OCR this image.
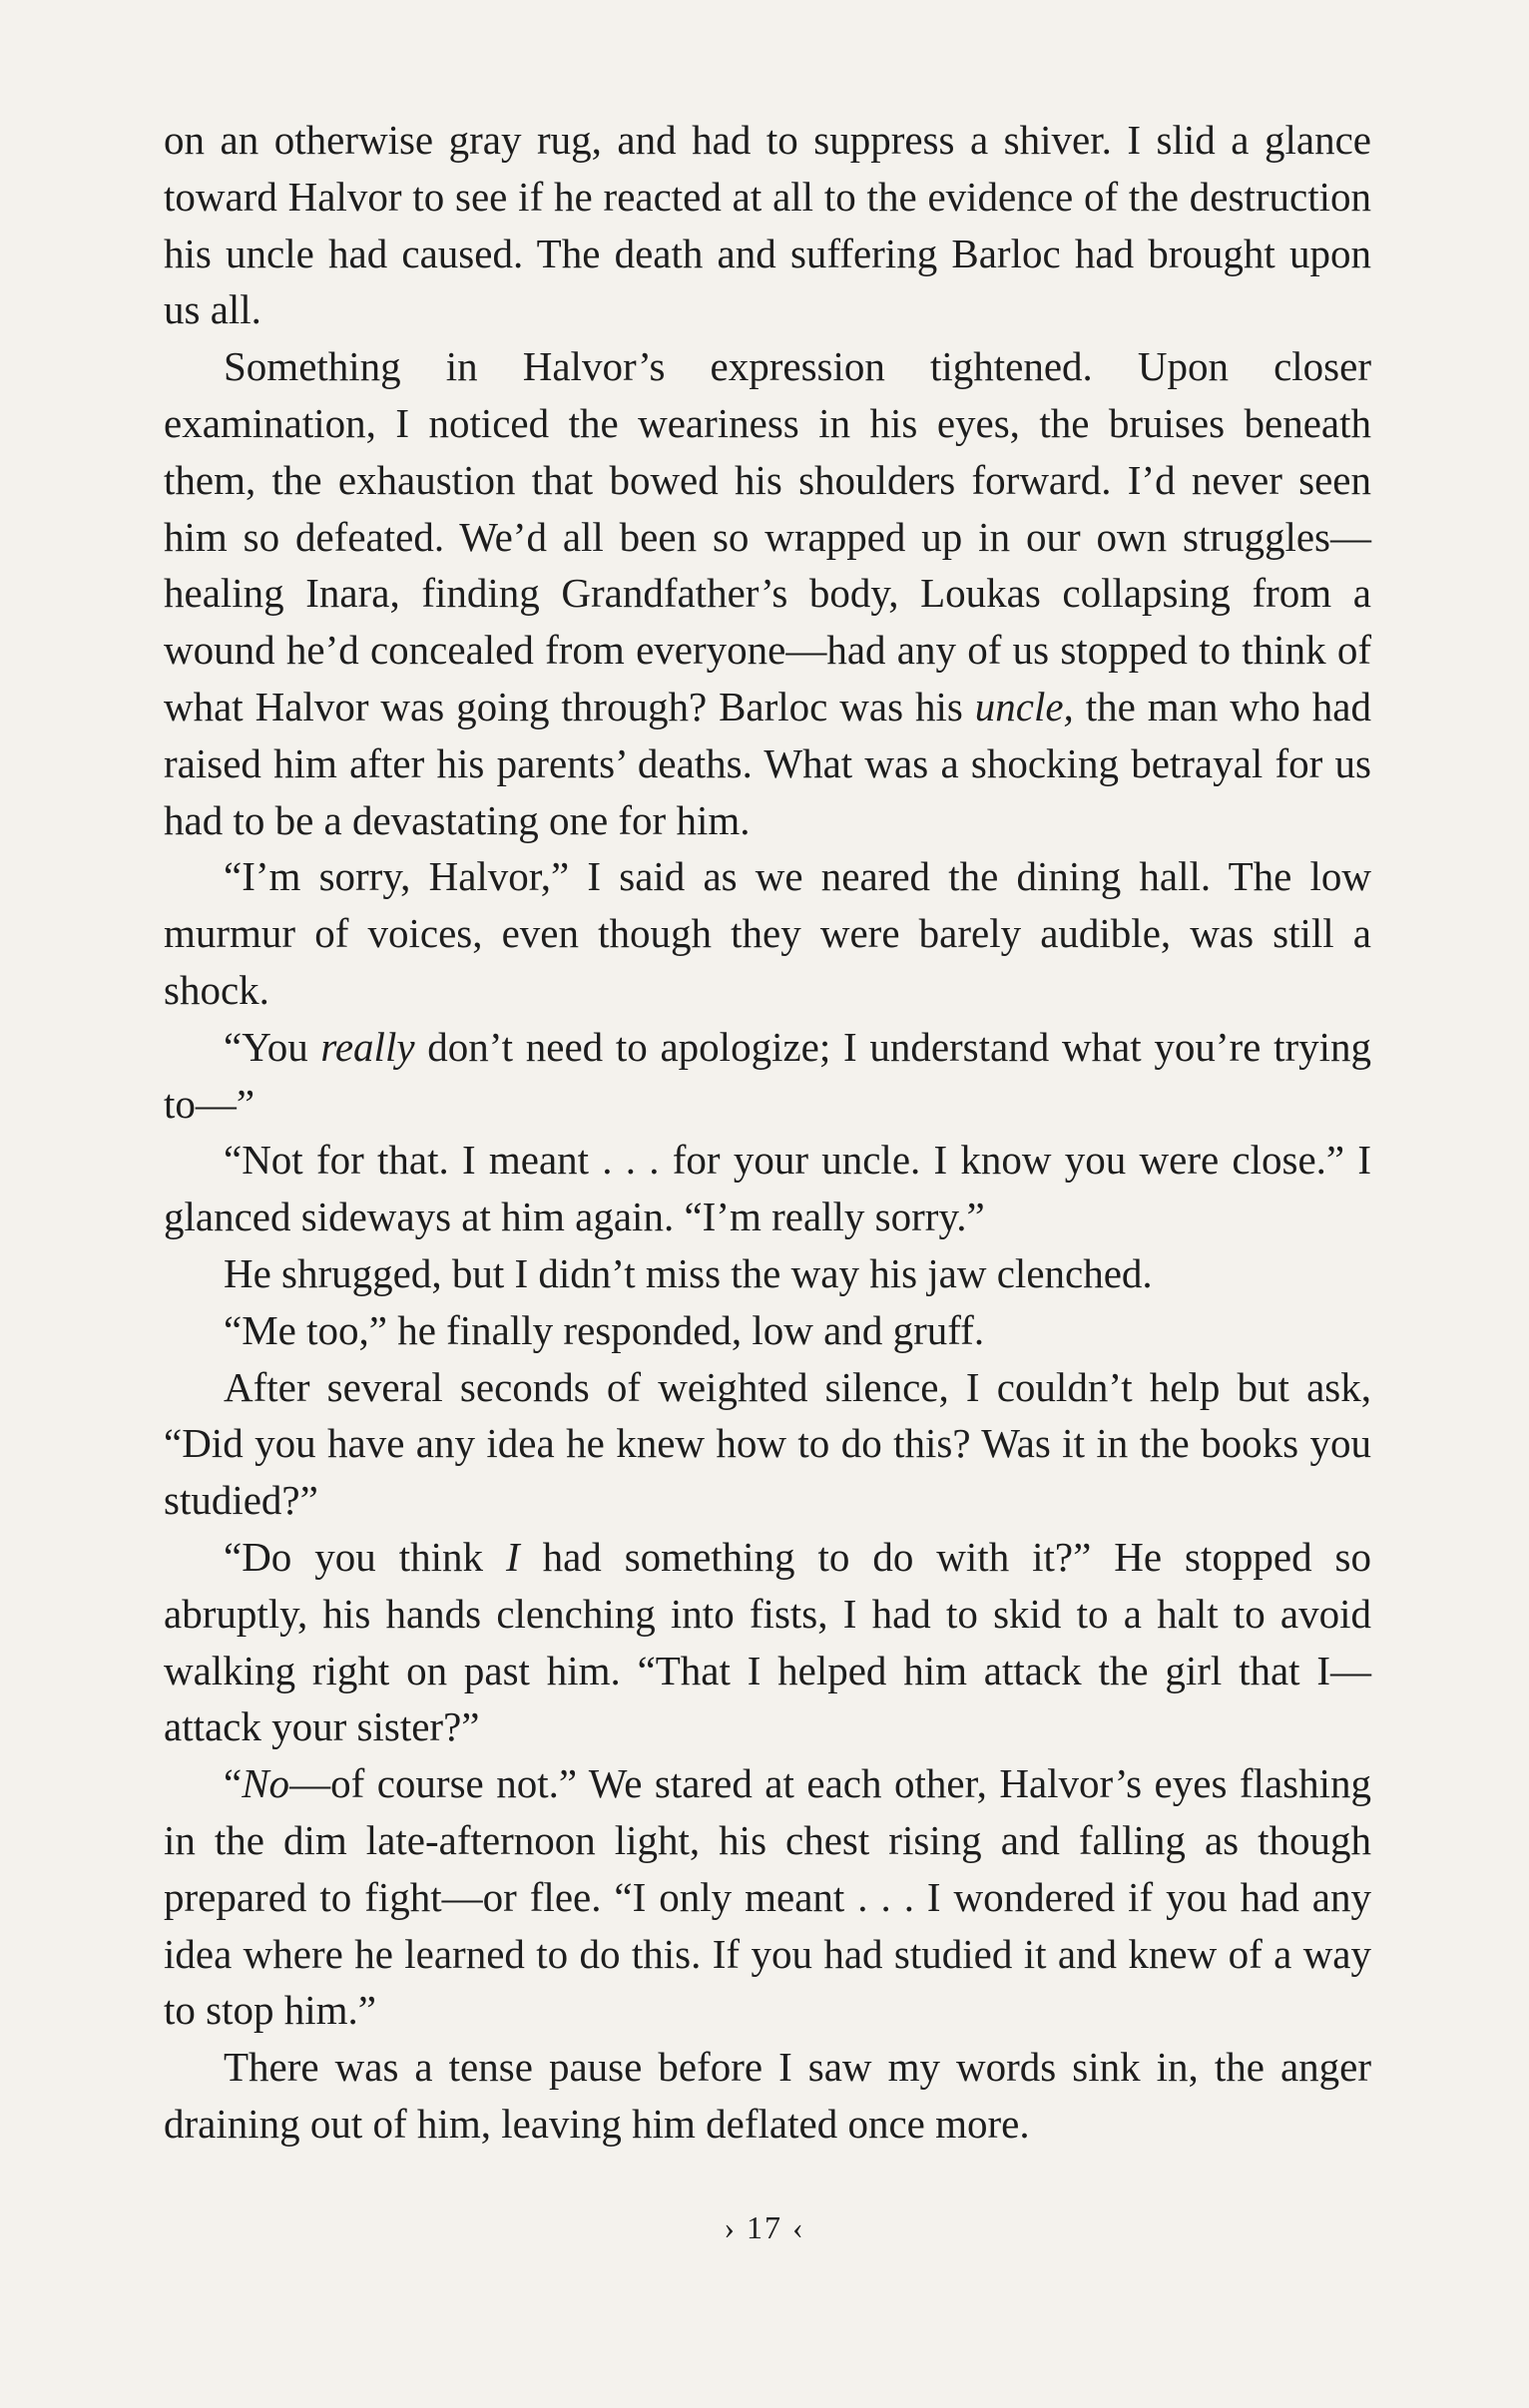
on an otherwise gray rug, and had to suppress a shiver. I slid a glance toward Halvor to see if he reacted at all to the evidence of the destruction his uncle had caused. The death and suffering Barloc had brought upon us all.

Something in Halvor’s expression tightened. Upon closer examination, I noticed the weariness in his eyes, the bruises beneath them, the exhaustion that bowed his shoulders forward. I’d never seen him so defeated. We’d all been so wrapped up in our own struggles—healing Inara, finding Grandfather’s body, Loukas collapsing from a wound he’d concealed from everyone—had any of us stopped to think of what Halvor was going through? Barloc was his uncle, the man who had raised him after his parents’ deaths. What was a shocking betrayal for us had to be a devastating one for him.

“I’m sorry, Halvor,” I said as we neared the dining hall. The low murmur of voices, even though they were barely audible, was still a shock.

“You really don’t need to apologize; I understand what you’re trying to—”

“Not for that. I meant . . . for your uncle. I know you were close.” I glanced sideways at him again. “I’m really sorry.”

He shrugged, but I didn’t miss the way his jaw clenched.

“Me too,” he finally responded, low and gruff.

After several seconds of weighted silence, I couldn’t help but ask, “Did you have any idea he knew how to do this? Was it in the books you studied?”

“Do you think I had something to do with it?” He stopped so abruptly, his hands clenching into fists, I had to skid to a halt to avoid walking right on past him. “That I helped him attack the girl that I—attack your sister?”

“No—of course not.” We stared at each other, Halvor’s eyes flashing in the dim late-afternoon light, his chest rising and falling as though prepared to fight—or flee. “I only meant . . . I wondered if you had any idea where he learned to do this. If you had studied it and knew of a way to stop him.”

There was a tense pause before I saw my words sink in, the anger draining out of him, leaving him deflated once more.

› 17 ‹
